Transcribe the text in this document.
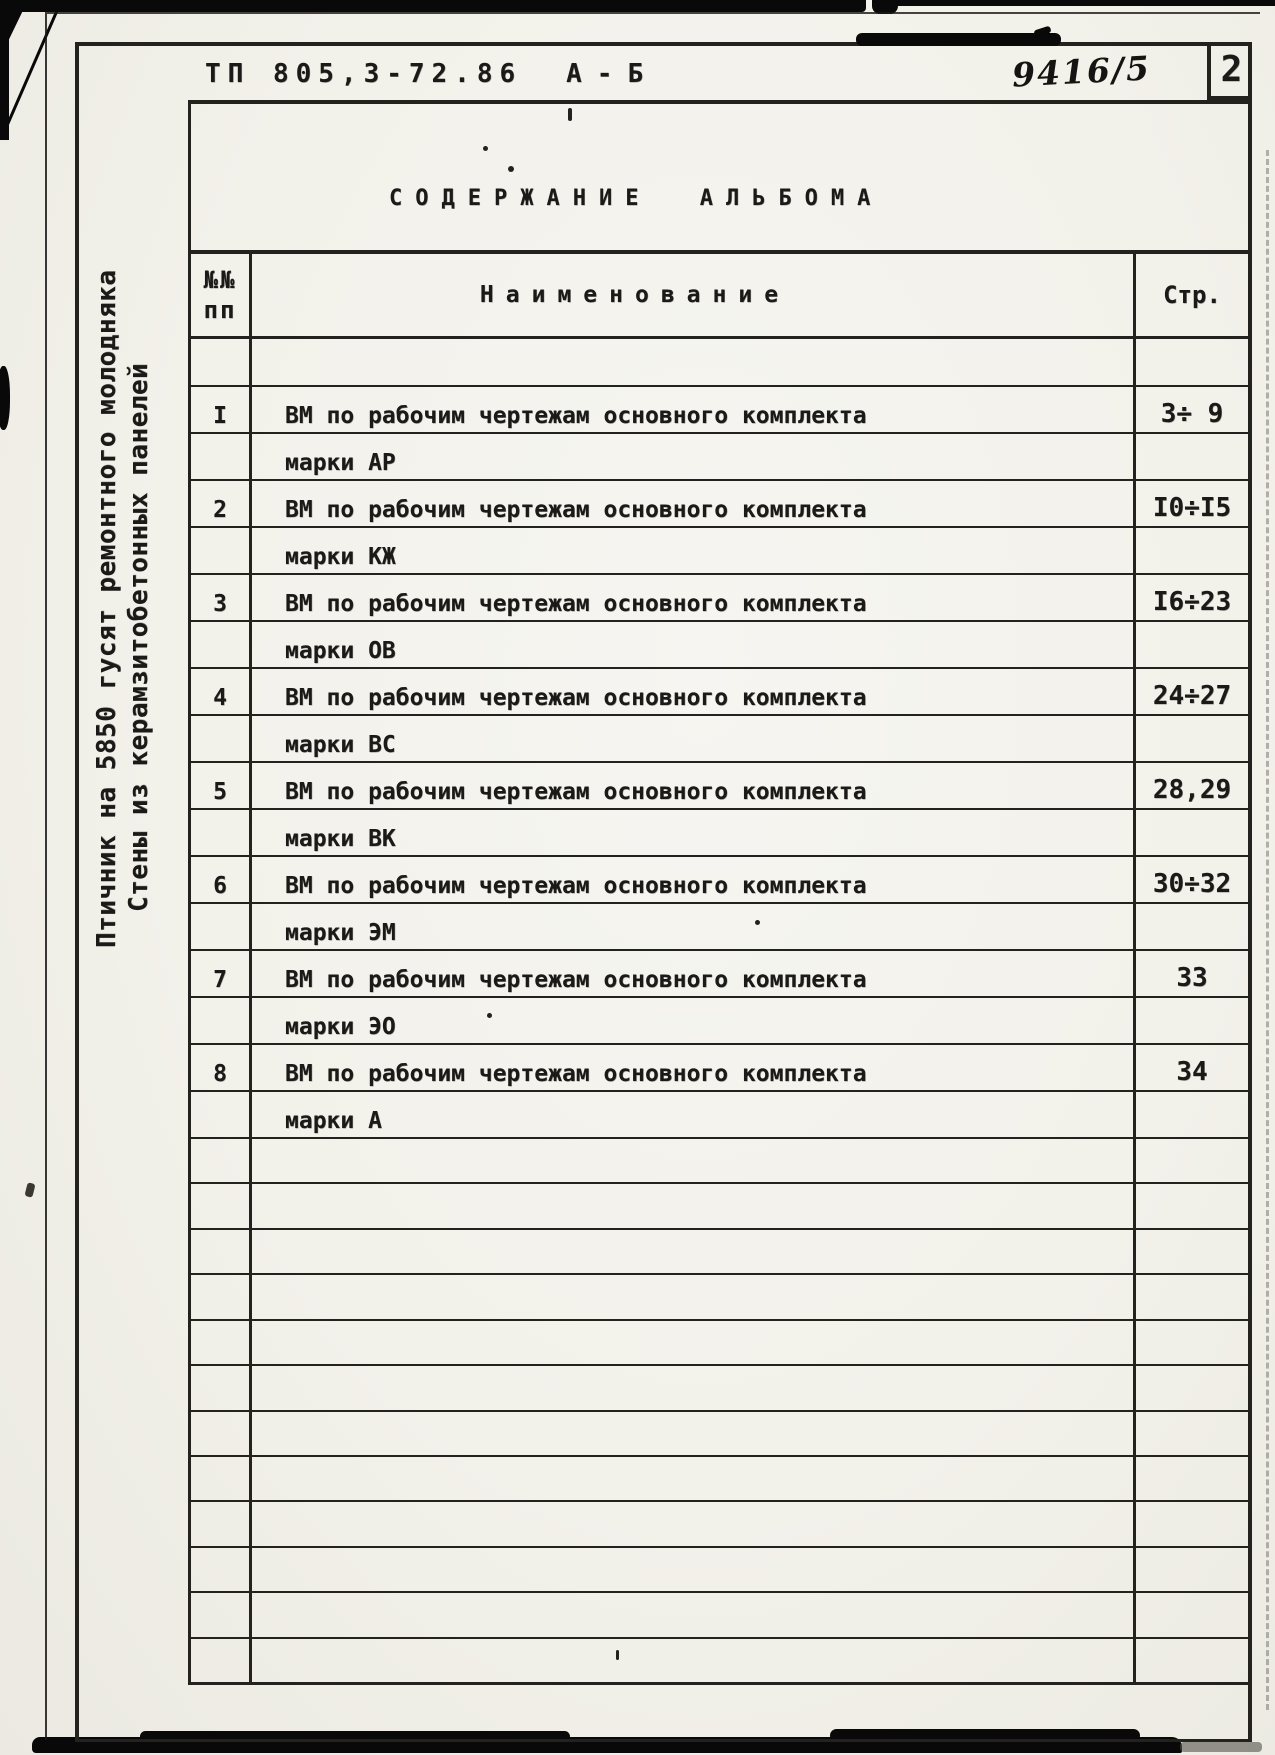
ТП 805,3-72.86 А-Б	9416/5 2
Птичник на 5850 гусят ремонтного молодняка Стены из керамзитобетонных панелей
СОДЕРЖАНИЕ АЛЬБОМА
№№
пп
Наименование	Стр.
I	ВМ по рабочим чертежам основного комплекта	3÷ 9
марки АР
2	ВМ по рабочим чертежам основного комплекта	I0÷I5
марки КЖ
3	ВМ по рабочим чертежам основного комплекта	I6÷23
марки ОВ
4	ВМ по рабочим чертежам основного комплекта	24÷27
марки ВС
5	ВМ по рабочим чертежам основного комплекта	28,29
марки ВК
6	ВМ по рабочим чертежам основного комплекта	30÷32
марки ЭМ
7	ВМ по рабочим чертежам основного комплекта	33
марки ЭО
8	ВМ по рабочим чертежам основного комплекта	34
марки А
